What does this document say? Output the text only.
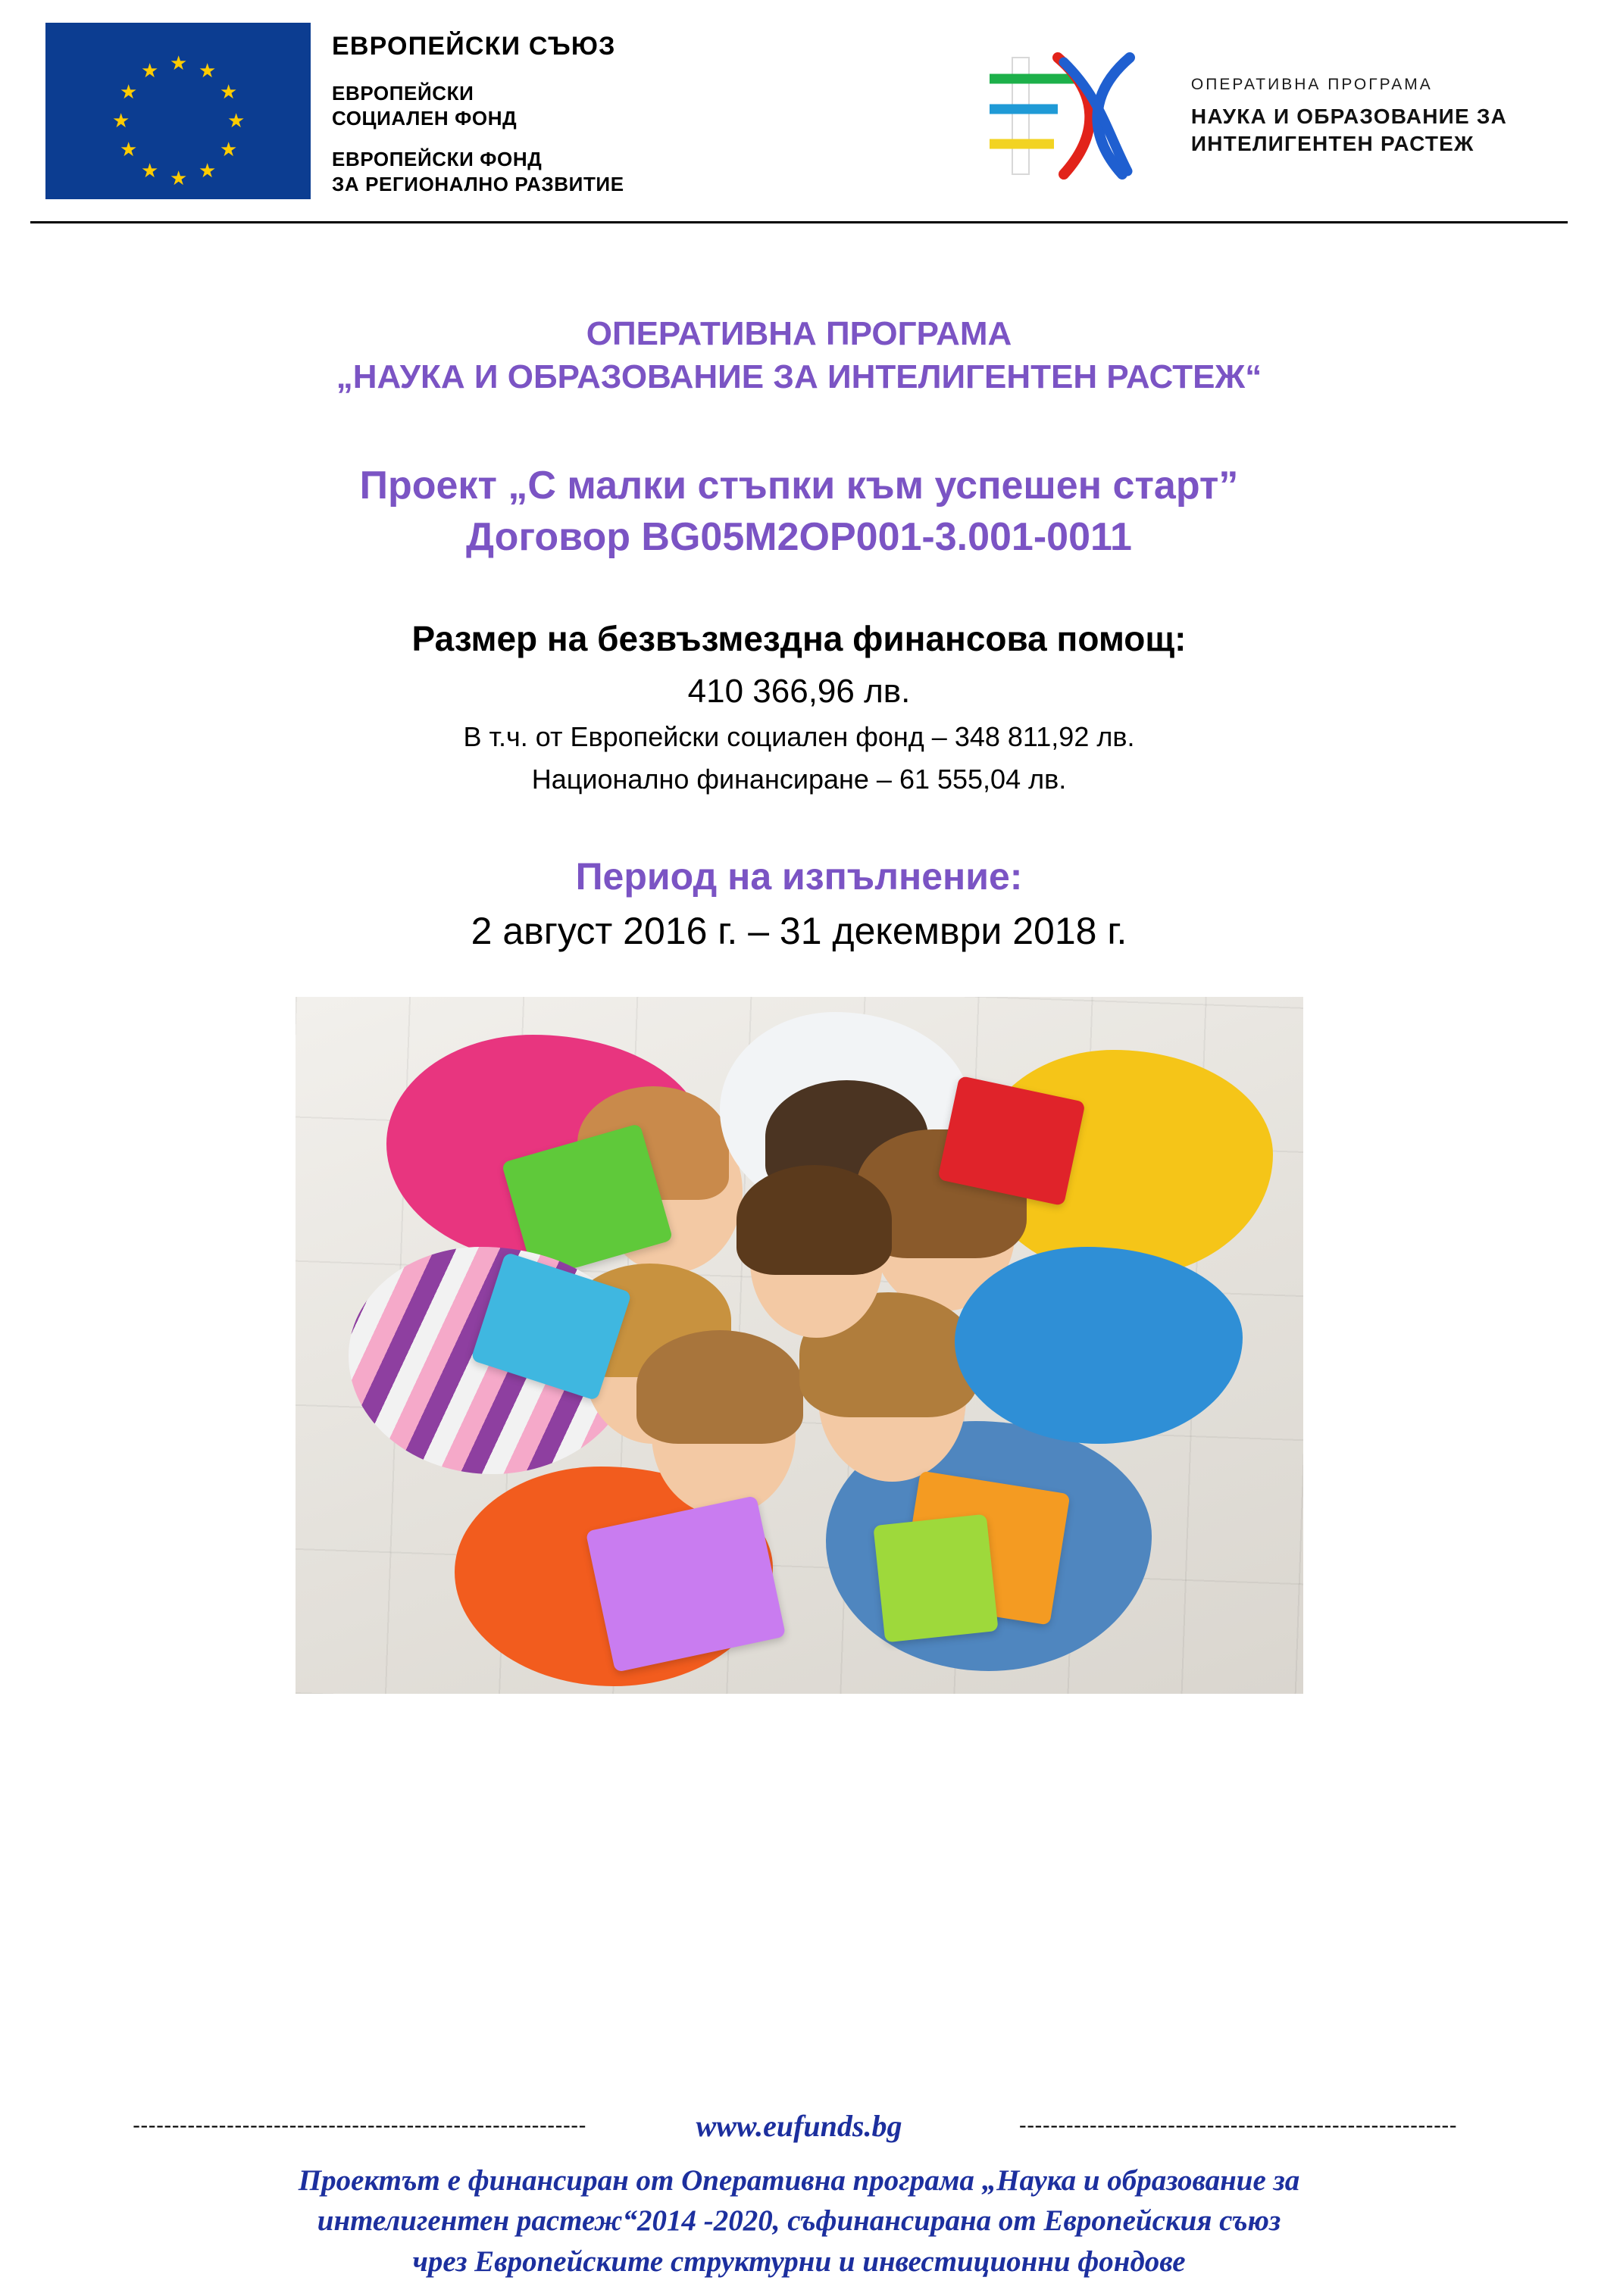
★ ★
★
★
★
★
★
★
★
★
★
★
ЕВРОПЕЙСКИ СЪЮЗ
ЕВРОПЕЙСКИ
СОЦИАЛЕН ФОНД
ЕВРОПЕЙСКИ ФОНД
ЗА РЕГИОНАЛНО РАЗВИТИЕ
ОПЕРАТИВНА ПРОГРАМА
НАУКА И ОБРАЗОВАНИЕ ЗА
ИНТЕЛИГЕНТЕН РАСТЕЖ
ОПЕРАТИВНА ПРОГРАМА
„НАУКА И ОБРАЗОВАНИЕ ЗА ИНТЕЛИГЕНТЕН РАСТЕЖ“
Проект „С малки стъпки към успешен старт”
Договор BG05M2OP001-3.001-0011
Размер на безвъзмездна финансова помощ:
410 366,96 лв.
В т.ч. от Европейски социален фонд – 348 811,92 лв.
Национално финансиране – 61 555,04 лв.
Период на изпълнение:
2 август 2016 г. – 31 декември 2018 г.
----------------------------------------------------------	www.eufunds.bg	--------------------------------------------------------
Проектът е финансиран от Оперативна програма „Наука и образование за
интелигентен растеж“2014 -2020, съфинансирана от Европейския съюз
чрез Европейските структурни и инвестиционни фондове
